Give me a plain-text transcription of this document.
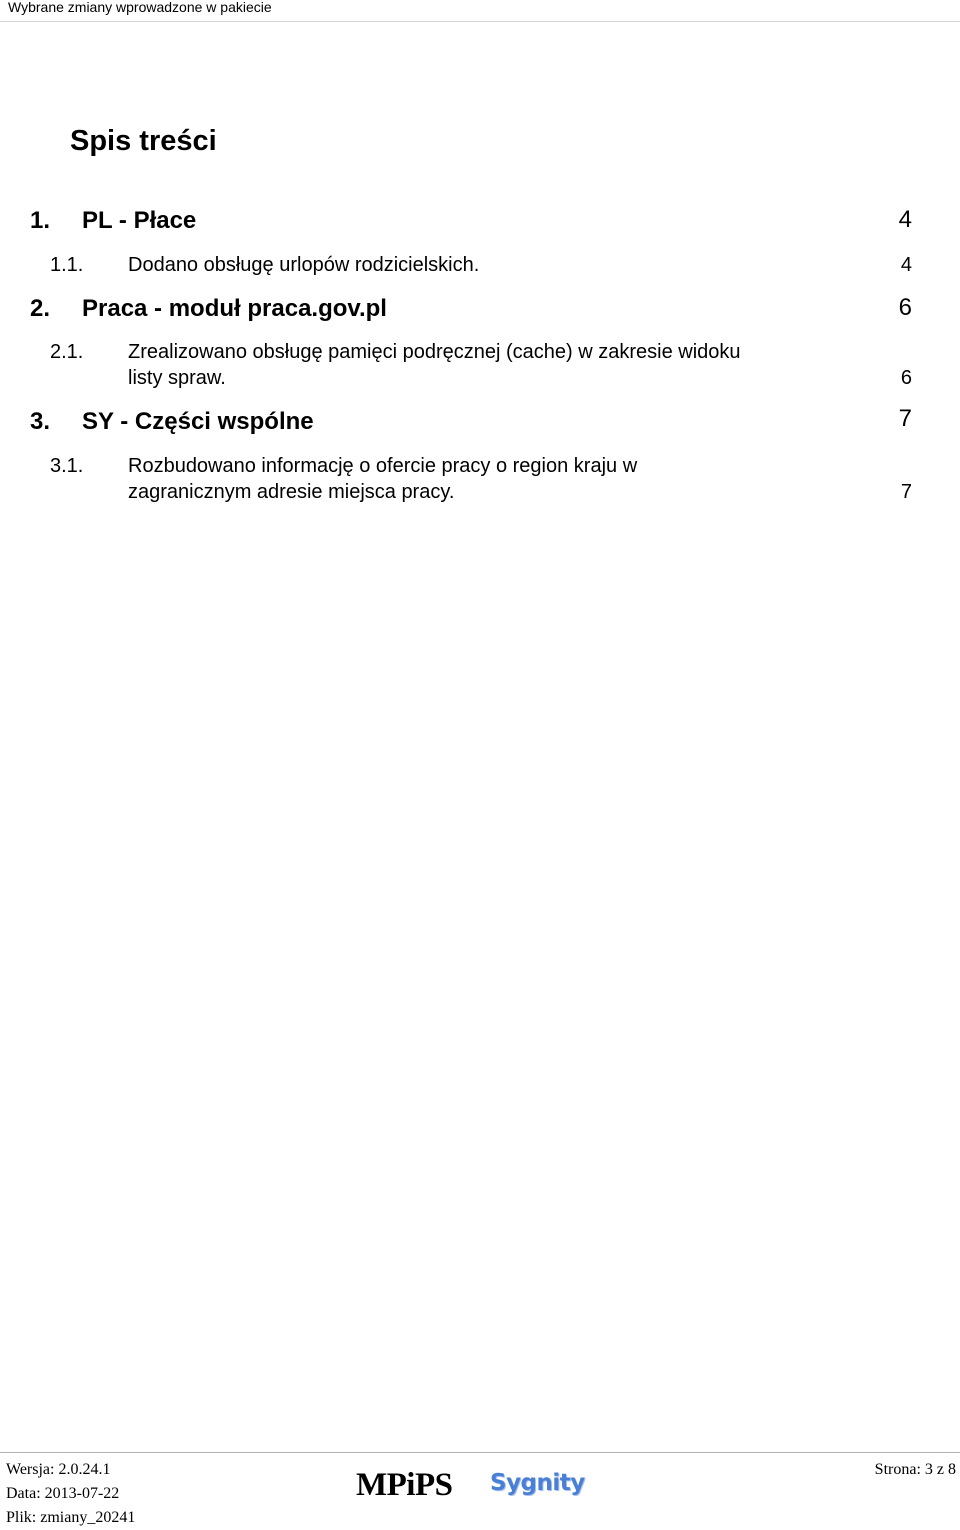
Wybrane zmiany wprowadzone w pakiecie
Spis treści
1. PL - Płace	4
1.1. Dodano obsługę urlopów rodzicielskich.	4
2. Praca - moduł praca.gov.pl	6
2.1. Zrealizowano obsługę pamięci podręcznej (cache) w zakresie widoku
listy spraw.	6
3. SY - Części wspólne	7
3.1. Rozbudowano informację o ofercie pracy o region kraju w
zagranicznym adresie miejsca pracy.	7
Wersja: 2.0.24.1
Data: 2013-07-22
Plik: zmiany_20241
MPiPS Sygnity
Strona: 3 z 8
